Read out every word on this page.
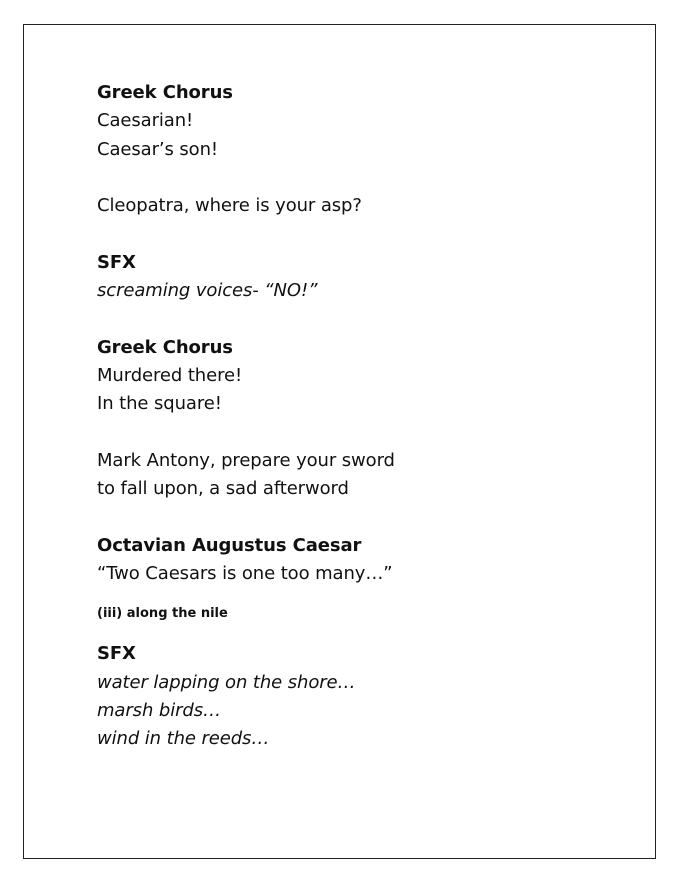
Greek Chorus
Caesarian!
Caesar’s son!
Cleopatra, where is your asp?
SFX
screaming voices- “NO!”
Greek Chorus
Murdered there!
In the square!
Mark Antony, prepare your sword
to fall upon, a sad afterword
Octavian Augustus Caesar
“Two Caesars is one too many…”
(iii) along the nile
SFX
water lapping on the shore…
marsh birds…
wind in the reeds…
